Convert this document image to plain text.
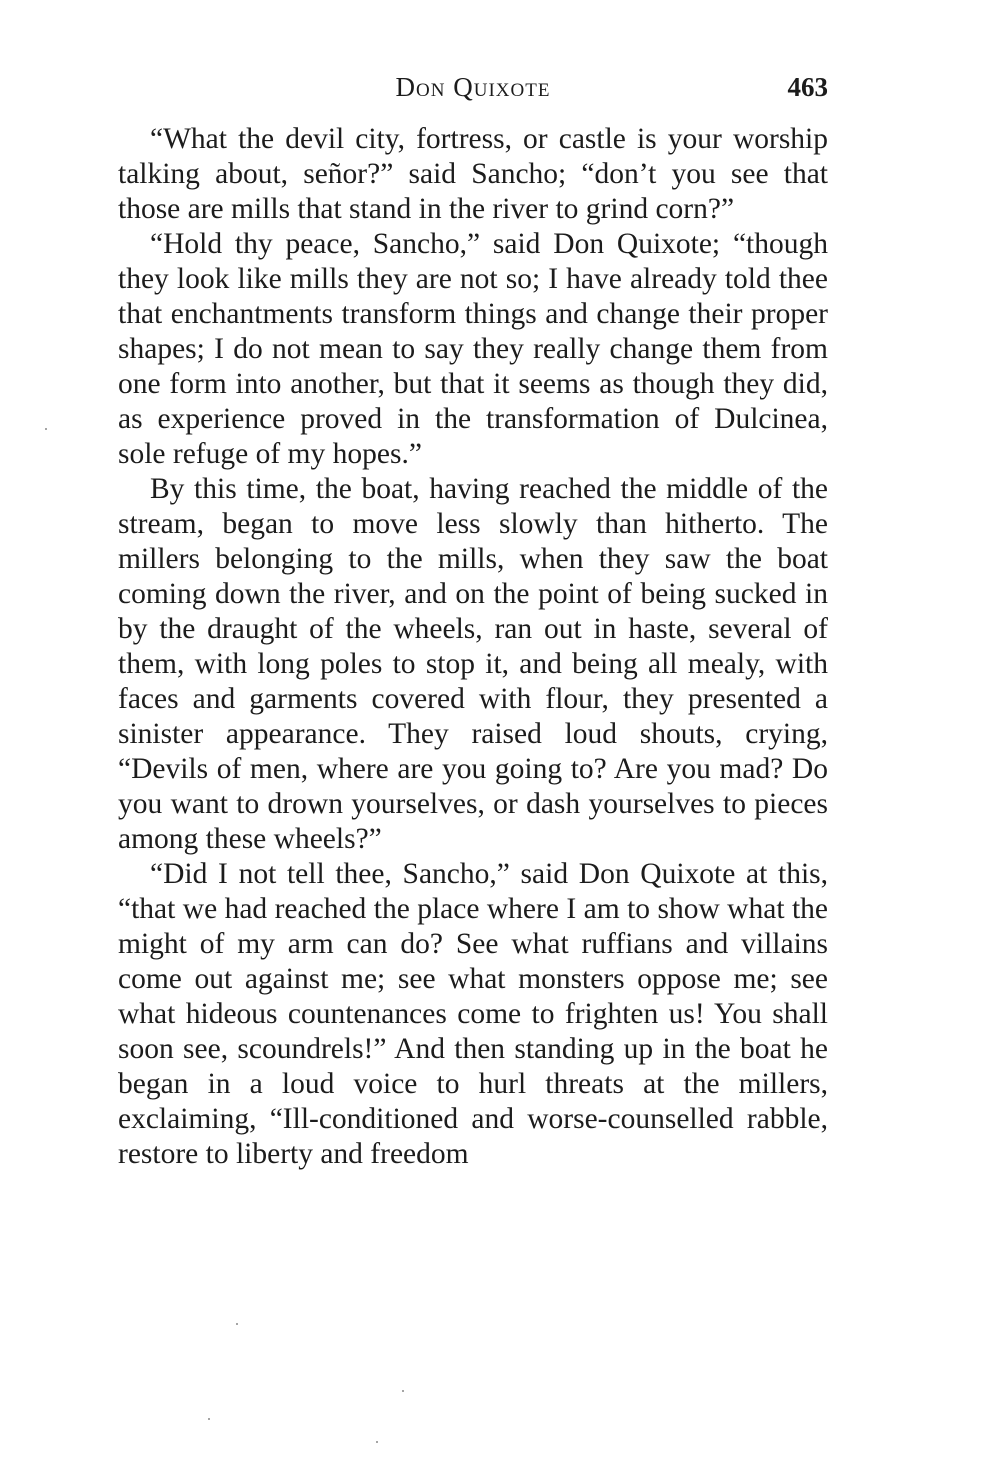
Don Quixote	463

“What the devil city, fortress, or castle is your worship talking about, señor?” said Sancho; “don’t you see that those are mills that stand in the river to grind corn?”

“Hold thy peace, Sancho,” said Don Quixote; “though they look like mills they are not so; I have already told thee that enchantments transform things and change their proper shapes; I do not mean to say they really change them from one form into another, but that it seems as though they did, as experience proved in the transformation of Dulcinea, sole refuge of my hopes.”

By this time, the boat, having reached the middle of the stream, began to move less slowly than hitherto. The millers belonging to the mills, when they saw the boat coming down the river, and on the point of being sucked in by the draught of the wheels, ran out in haste, several of them, with long poles to stop it, and being all mealy, with faces and garments covered with flour, they presented a sinister appearance. They raised loud shouts, crying, “Devils of men, where are you going to? Are you mad? Do you want to drown yourselves, or dash yourselves to pieces among these wheels?”

“Did I not tell thee, Sancho,” said Don Quixote at this, “that we had reached the place where I am to show what the might of my arm can do? See what ruffians and villains come out against me; see what monsters oppose me; see what hideous countenances come to frighten us! You shall soon see, scoundrels!” And then standing up in the boat he began in a loud voice to hurl threats at the millers, exclaiming, “Ill-conditioned and worse-counselled rabble, restore to liberty and freedom
